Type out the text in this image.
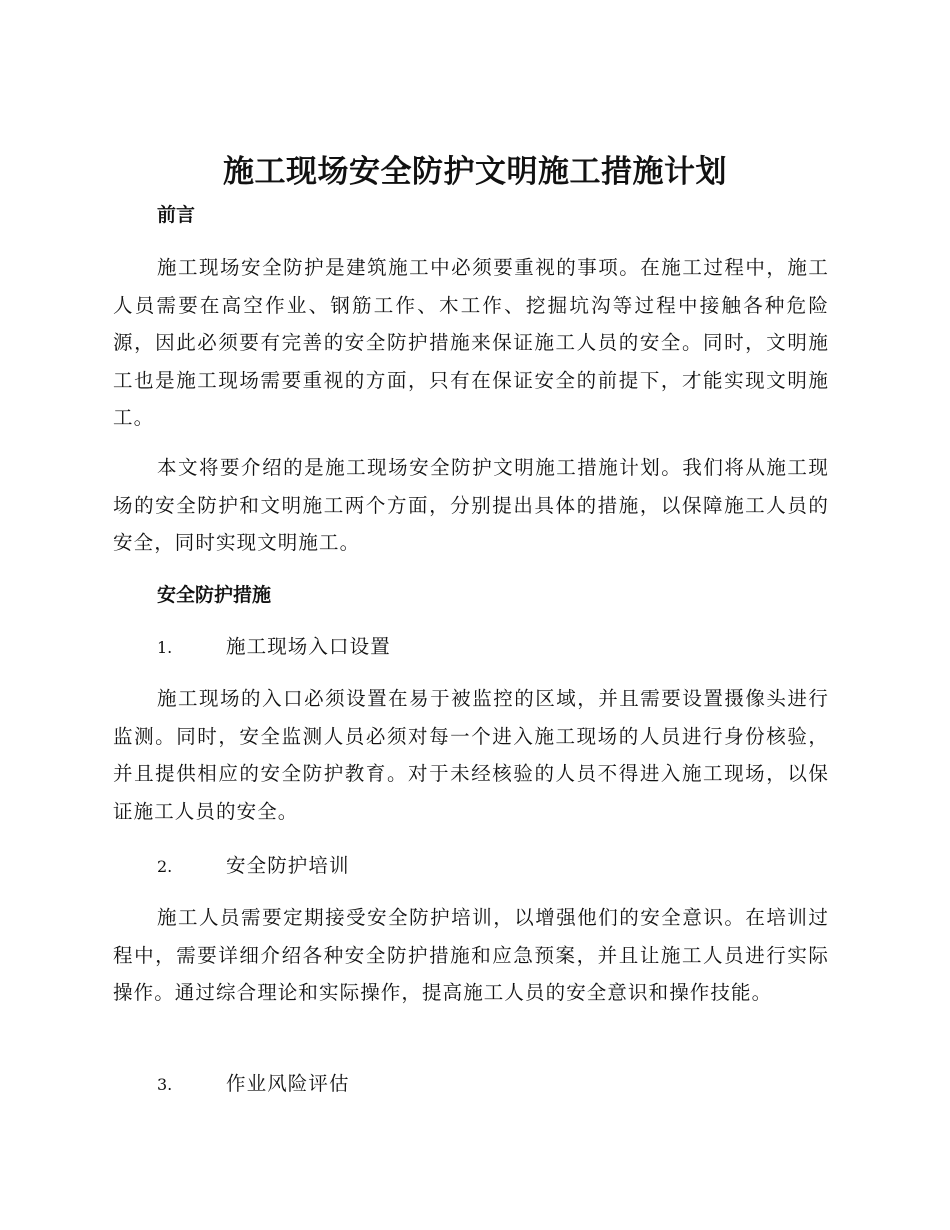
施工现场安全防护文明施工措施计划
前言

施工现场安全防护是建筑施工中必须要重视的事项。在施工过程中，施工人员需要在高空作业、钢筋工作、木工作、挖掘坑沟等过程中接触各种危险源，因此必须要有完善的安全防护措施来保证施工人员的安全。同时，文明施工也是施工现场需要重视的方面，只有在保证安全的前提下，才能实现文明施工。

本文将要介绍的是施工现场安全防护文明施工措施计划。我们将从施工现场的安全防护和文明施工两个方面，分别提出具体的措施，以保障施工人员的安全，同时实现文明施工。

安全防护措施
1.	施工现场入口设置

施工现场的入口必须设置在易于被监控的区域，并且需要设置摄像头进行监测。同时，安全监测人员必须对每一个进入施工现场的人员进行身份核验，并且提供相应的安全防护教育。对于未经核验的人员不得进入施工现场，以保证施工人员的安全。

2.	安全防护培训

施工人员需要定期接受安全防护培训，以增强他们的安全意识。在培训过程中，需要详细介绍各种安全防护措施和应急预案，并且让施工人员进行实际操作。通过综合理论和实际操作，提高施工人员的安全意识和操作技能。

3.	作业风险评估
